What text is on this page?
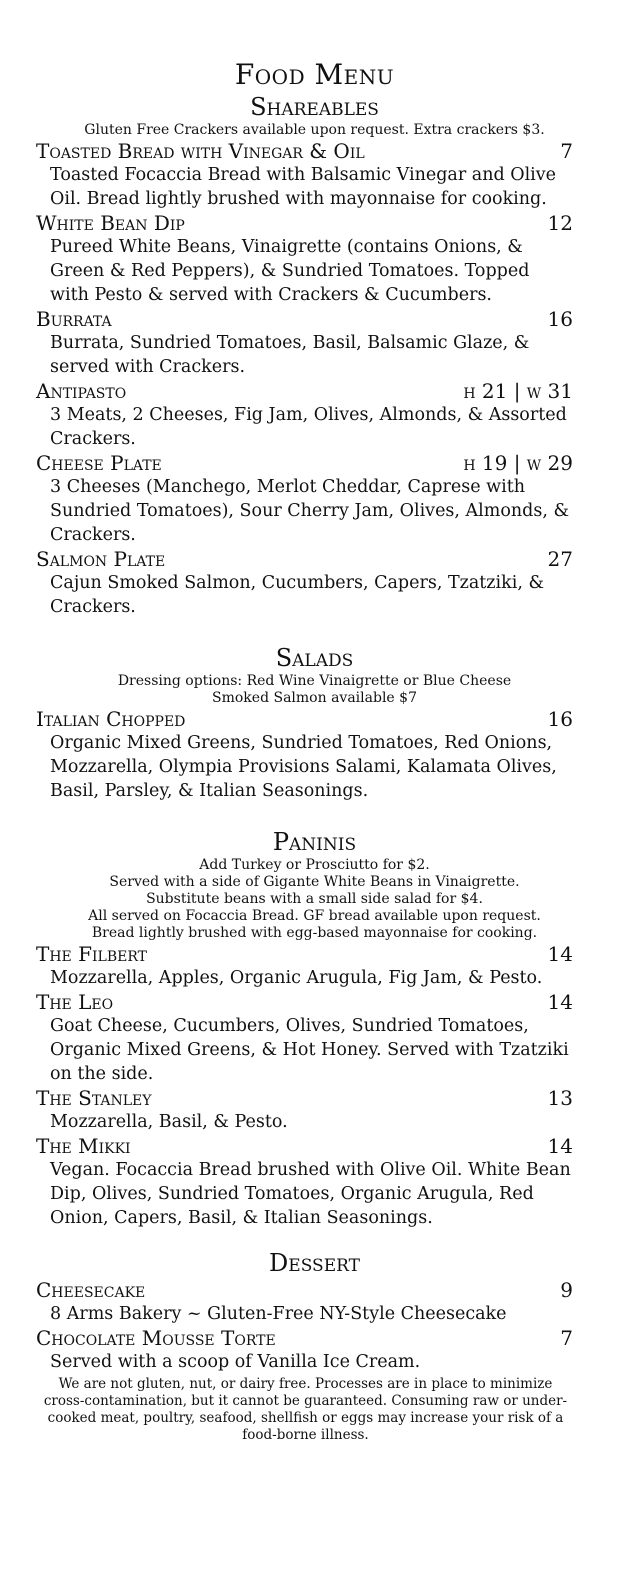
Food Menu
Shareables
Gluten Free Crackers available upon request. Extra crackers $3.
Toasted Bread with Vinegar & Oil	7
Toasted Focaccia Bread with Balsamic Vinegar and Olive Oil. Bread lightly brushed with mayonnaise for cooking.
White Bean Dip	12
Pureed White Beans, Vinaigrette (contains Onions, & Green & Red Peppers), & Sundried Tomatoes. Topped with Pesto & served with Crackers & Cucumbers.
Burrata	16
Burrata, Sundried Tomatoes, Basil, Balsamic Glaze, & served with Crackers.
Antipasto	h 21 | w 31
3 Meats, 2 Cheeses, Fig Jam, Olives, Almonds, & Assorted Crackers.
Cheese Plate	h 19 | w 29
3 Cheeses (Manchego, Merlot Cheddar, Caprese with Sundried Tomatoes), Sour Cherry Jam, Olives, Almonds, & Crackers.
Salmon Plate	27
Cajun Smoked Salmon, Cucumbers, Capers, Tzatziki, & Crackers.
Salads
Dressing options: Red Wine Vinaigrette or Blue Cheese
Smoked Salmon available $7
Italian Chopped	16
Organic Mixed Greens, Sundried Tomatoes, Red Onions, Mozzarella, Olympia Provisions Salami, Kalamata Olives, Basil, Parsley, & Italian Seasonings.
Paninis
Add Turkey or Prosciutto for $2.
Served with a side of Gigante White Beans in Vinaigrette.
Substitute beans with a small side salad for $4.
All served on Focaccia Bread. GF bread available upon request.
Bread lightly brushed with egg-based mayonnaise for cooking.
The Filbert	14
Mozzarella, Apples, Organic Arugula, Fig Jam, & Pesto.
The Leo	14
Goat Cheese, Cucumbers, Olives, Sundried Tomatoes, Organic Mixed Greens, & Hot Honey. Served with Tzatziki on the side.
The Stanley	13
Mozzarella, Basil, & Pesto.
The Mikki	14
Vegan. Focaccia Bread brushed with Olive Oil. White Bean Dip, Olives, Sundried Tomatoes, Organic Arugula, Red Onion, Capers, Basil, & Italian Seasonings.
Dessert
Cheesecake	9
8 Arms Bakery ~ Gluten-Free NY-Style Cheesecake
Chocolate Mousse Torte	7
Served with a scoop of Vanilla Ice Cream.
We are not gluten, nut, or dairy free. Processes are in place to minimize cross-contamination, but it cannot be guaranteed. Consuming raw or under-cooked meat, poultry, seafood, shellfish or eggs may increase your risk of a food-borne illness.
